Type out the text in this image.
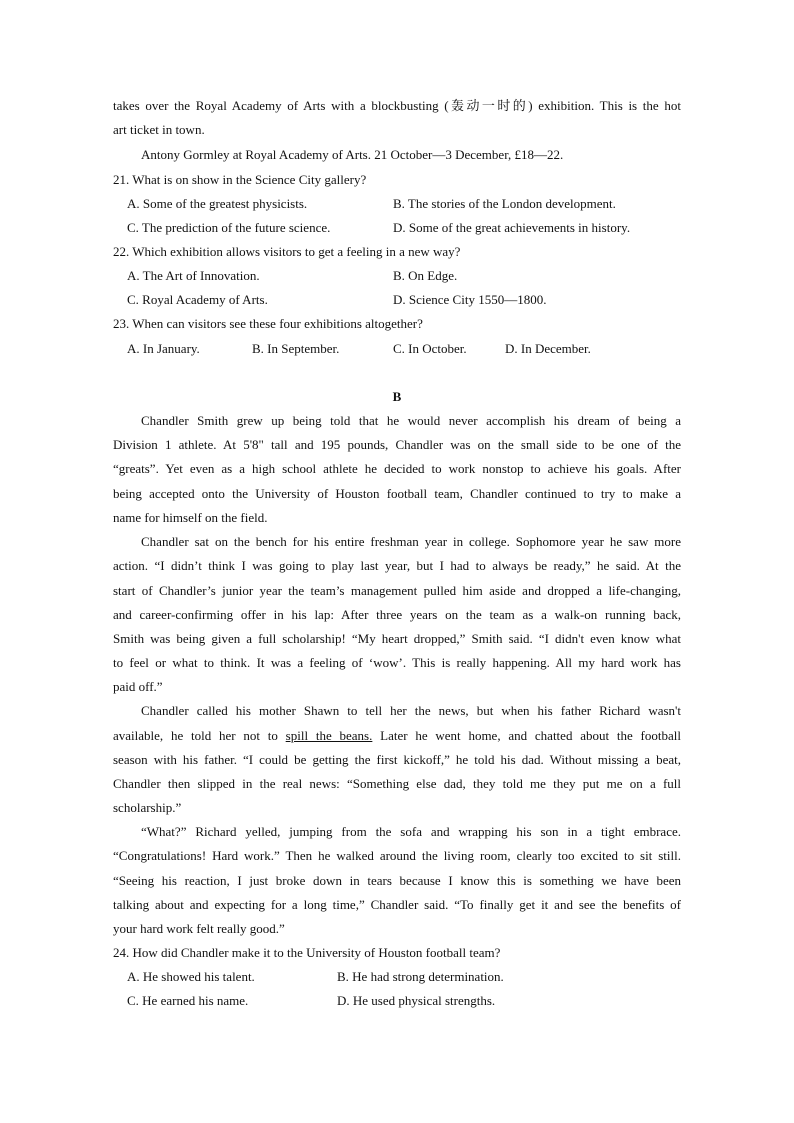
takes over the Royal Academy of Arts with a blockbusting (轰动一时的) exhibition. This is the hot
art ticket in town.
Antony Gormley at Royal Academy of Arts. 21 October—3 December, £18—22.
21. What is on show in the Science City gallery?
A. Some of the greatest physicists.	B. The stories of the London development.
C. The prediction of the future science.	D. Some of the great achievements in history.
22. Which exhibition allows visitors to get a feeling in a new way?
A. The Art of Innovation.	B. On Edge.
C. Royal Academy of Arts.	D. Science City 1550—1800.
23. When can visitors see these four exhibitions altogether?
A. In January.	B. In September.	C. In October.	D. In December.
B
Chandler Smith grew up being told that he would never accomplish his dream of being a
Division 1 athlete. At 5'8" tall and 195 pounds, Chandler was on the small side to be one of the
“greats”. Yet even as a high school athlete he decided to work nonstop to achieve his goals. After
being accepted onto the University of Houston football team, Chandler continued to try to make a
name for himself on the field.
Chandler sat on the bench for his entire freshman year in college. Sophomore year he saw more
action. “I didn’t think I was going to play last year, but I had to always be ready,” he said. At the
start of Chandler’s junior year the team’s management pulled him aside and dropped a life-changing,
and career-confirming offer in his lap: After three years on the team as a walk-on running back,
Smith was being given a full scholarship! “My heart dropped,” Smith said. “I didn't even know what
to feel or what to think. It was a feeling of ‘wow’. This is really happening. All my hard work has
paid off.”
Chandler called his mother Shawn to tell her the news, but when his father Richard wasn't
available, he told her not to spill the beans. Later he went home, and chatted about the football
season with his father. “I could be getting the first kickoff,” he told his dad. Without missing a beat,
Chandler then slipped in the real news: “Something else dad, they told me they put me on a full
scholarship.”
“What?” Richard yelled, jumping from the sofa and wrapping his son in a tight embrace.
“Congratulations! Hard work.” Then he walked around the living room, clearly too excited to sit still.
“Seeing his reaction, I just broke down in tears because I know this is something we have been
talking about and expecting for a long time,” Chandler said. “To finally get it and see the benefits of
your hard work felt really good.”
24. How did Chandler make it to the University of Houston football team?
A. He showed his talent.	B. He had strong determination.
C. He earned his name.	D. He used physical strengths.
